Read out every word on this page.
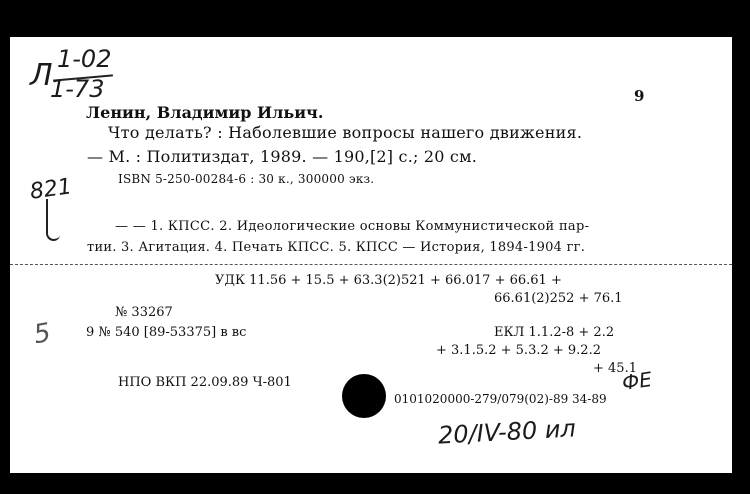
Л 1-02
1-73	9
Ленин, Владимир Ильич.
Что делать? : Наболевшие вопросы нашего движения.
— М. : Политиздат, 1989. — 190,[2] с.; 20 см.
ISBN 5-250-00284-6 : 30 к., 300000 экз.
821
— — 1. КПСС. 2. Идеологические основы Коммунистической пар-
тии. 3. Агитация. 4. Печать КПСС. 5. КПСС — История, 1894-1904 гг.
УДК 11.56 + 15.5 + 63.3(2)521 + 66.017 + 66.61 +
66.61(2)252 + 76.1
№ 33267
9 № 540 [89-53375] в вс
5	ЕКЛ 1.1.2-8 + 2.2
+ 3.1.5.2 + 5.3.2 + 9.2.2
+ 45.1
НПО ВКП 22.09.89 Ч-801
0101020000-279/079(02)-89 34-89
ФЕ
20/IV-80 ил
